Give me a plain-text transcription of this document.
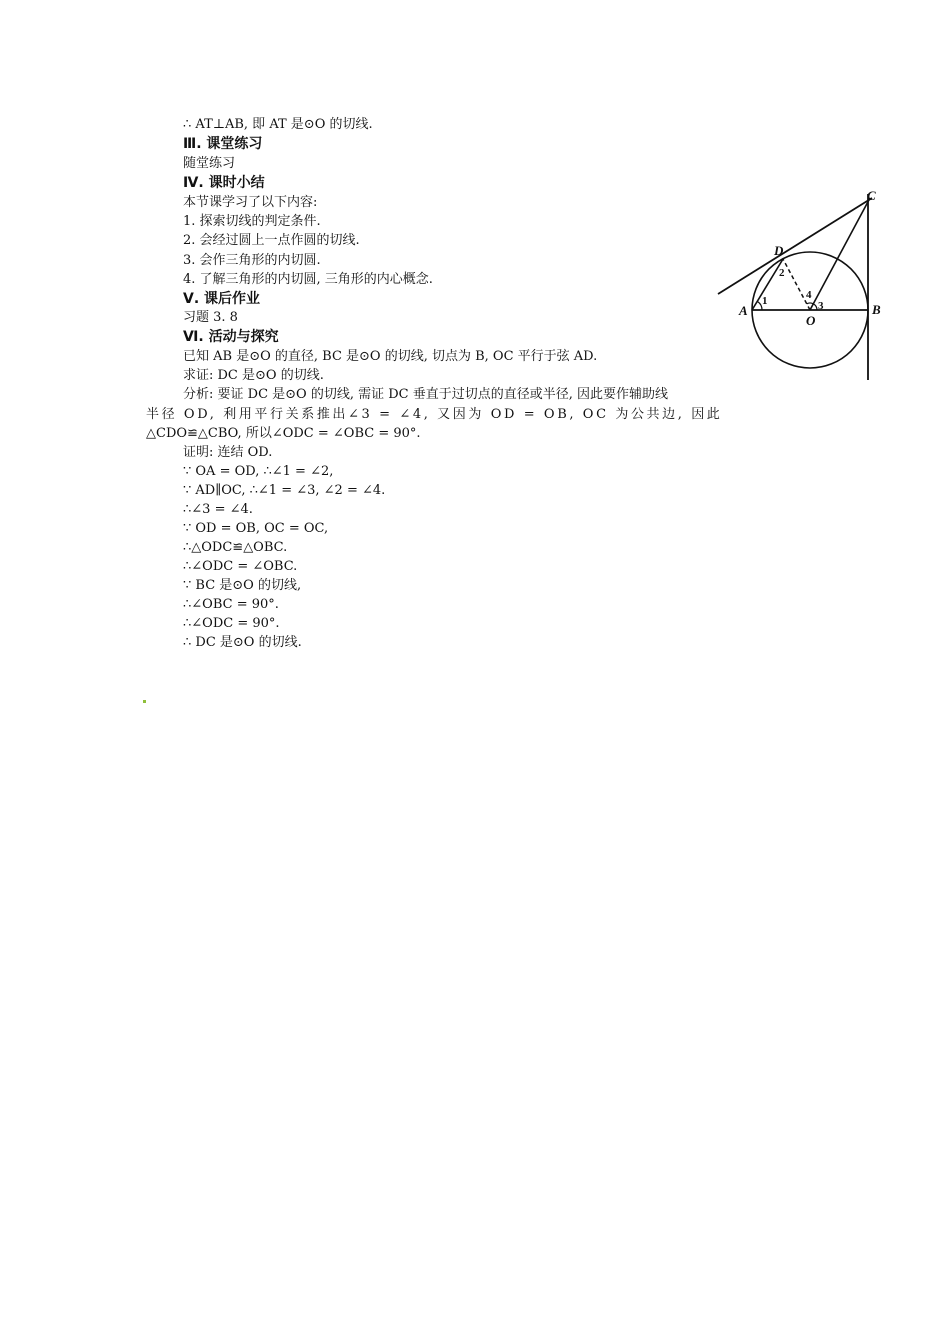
∴ AT⊥AB, 即 AT 是⊙O 的切线.
Ⅲ. 课堂练习
随堂练习
Ⅳ. 课时小结
本节课学习了以下内容:
1. 探索切线的判定条件.
2. 会经过圆上一点作圆的切线.
3. 会作三角形的内切圆.
4. 了解三角形的内切圆, 三角形的内心概念.
Ⅴ. 课后作业
习题 3. 8
Ⅵ. 活动与探究
已知 AB 是⊙O 的直径, BC 是⊙O 的切线, 切点为 B, OC 平行于弦 AD.
求证: DC 是⊙O 的切线.
分析: 要证 DC 是⊙O 的切线, 需证 DC 垂直于过切点的直径或半径, 因此要作辅助线
半径 OD, 利用平行关系推出∠3 = ∠4, 又因为 OD = OB, OC 为公共边, 因此
△CDO≌△CBO, 所以∠ODC = ∠OBC = 90°.
证明: 连结 OD.
∵ OA = OD, ∴∠1 = ∠2,
∵ AD∥OC, ∴∠1 = ∠3, ∠2 = ∠4.
∴∠3 = ∠4.
∵ OD = OB, OC = OC,
∴△ODC≌△OBC.
∴∠ODC = ∠OBC.
∵ BC 是⊙O 的切线,
∴∠OBC = 90°.
∴∠ODC = 90°.
∴ DC 是⊙O 的切线.
C
D
A	B
O
1
2
3
4
